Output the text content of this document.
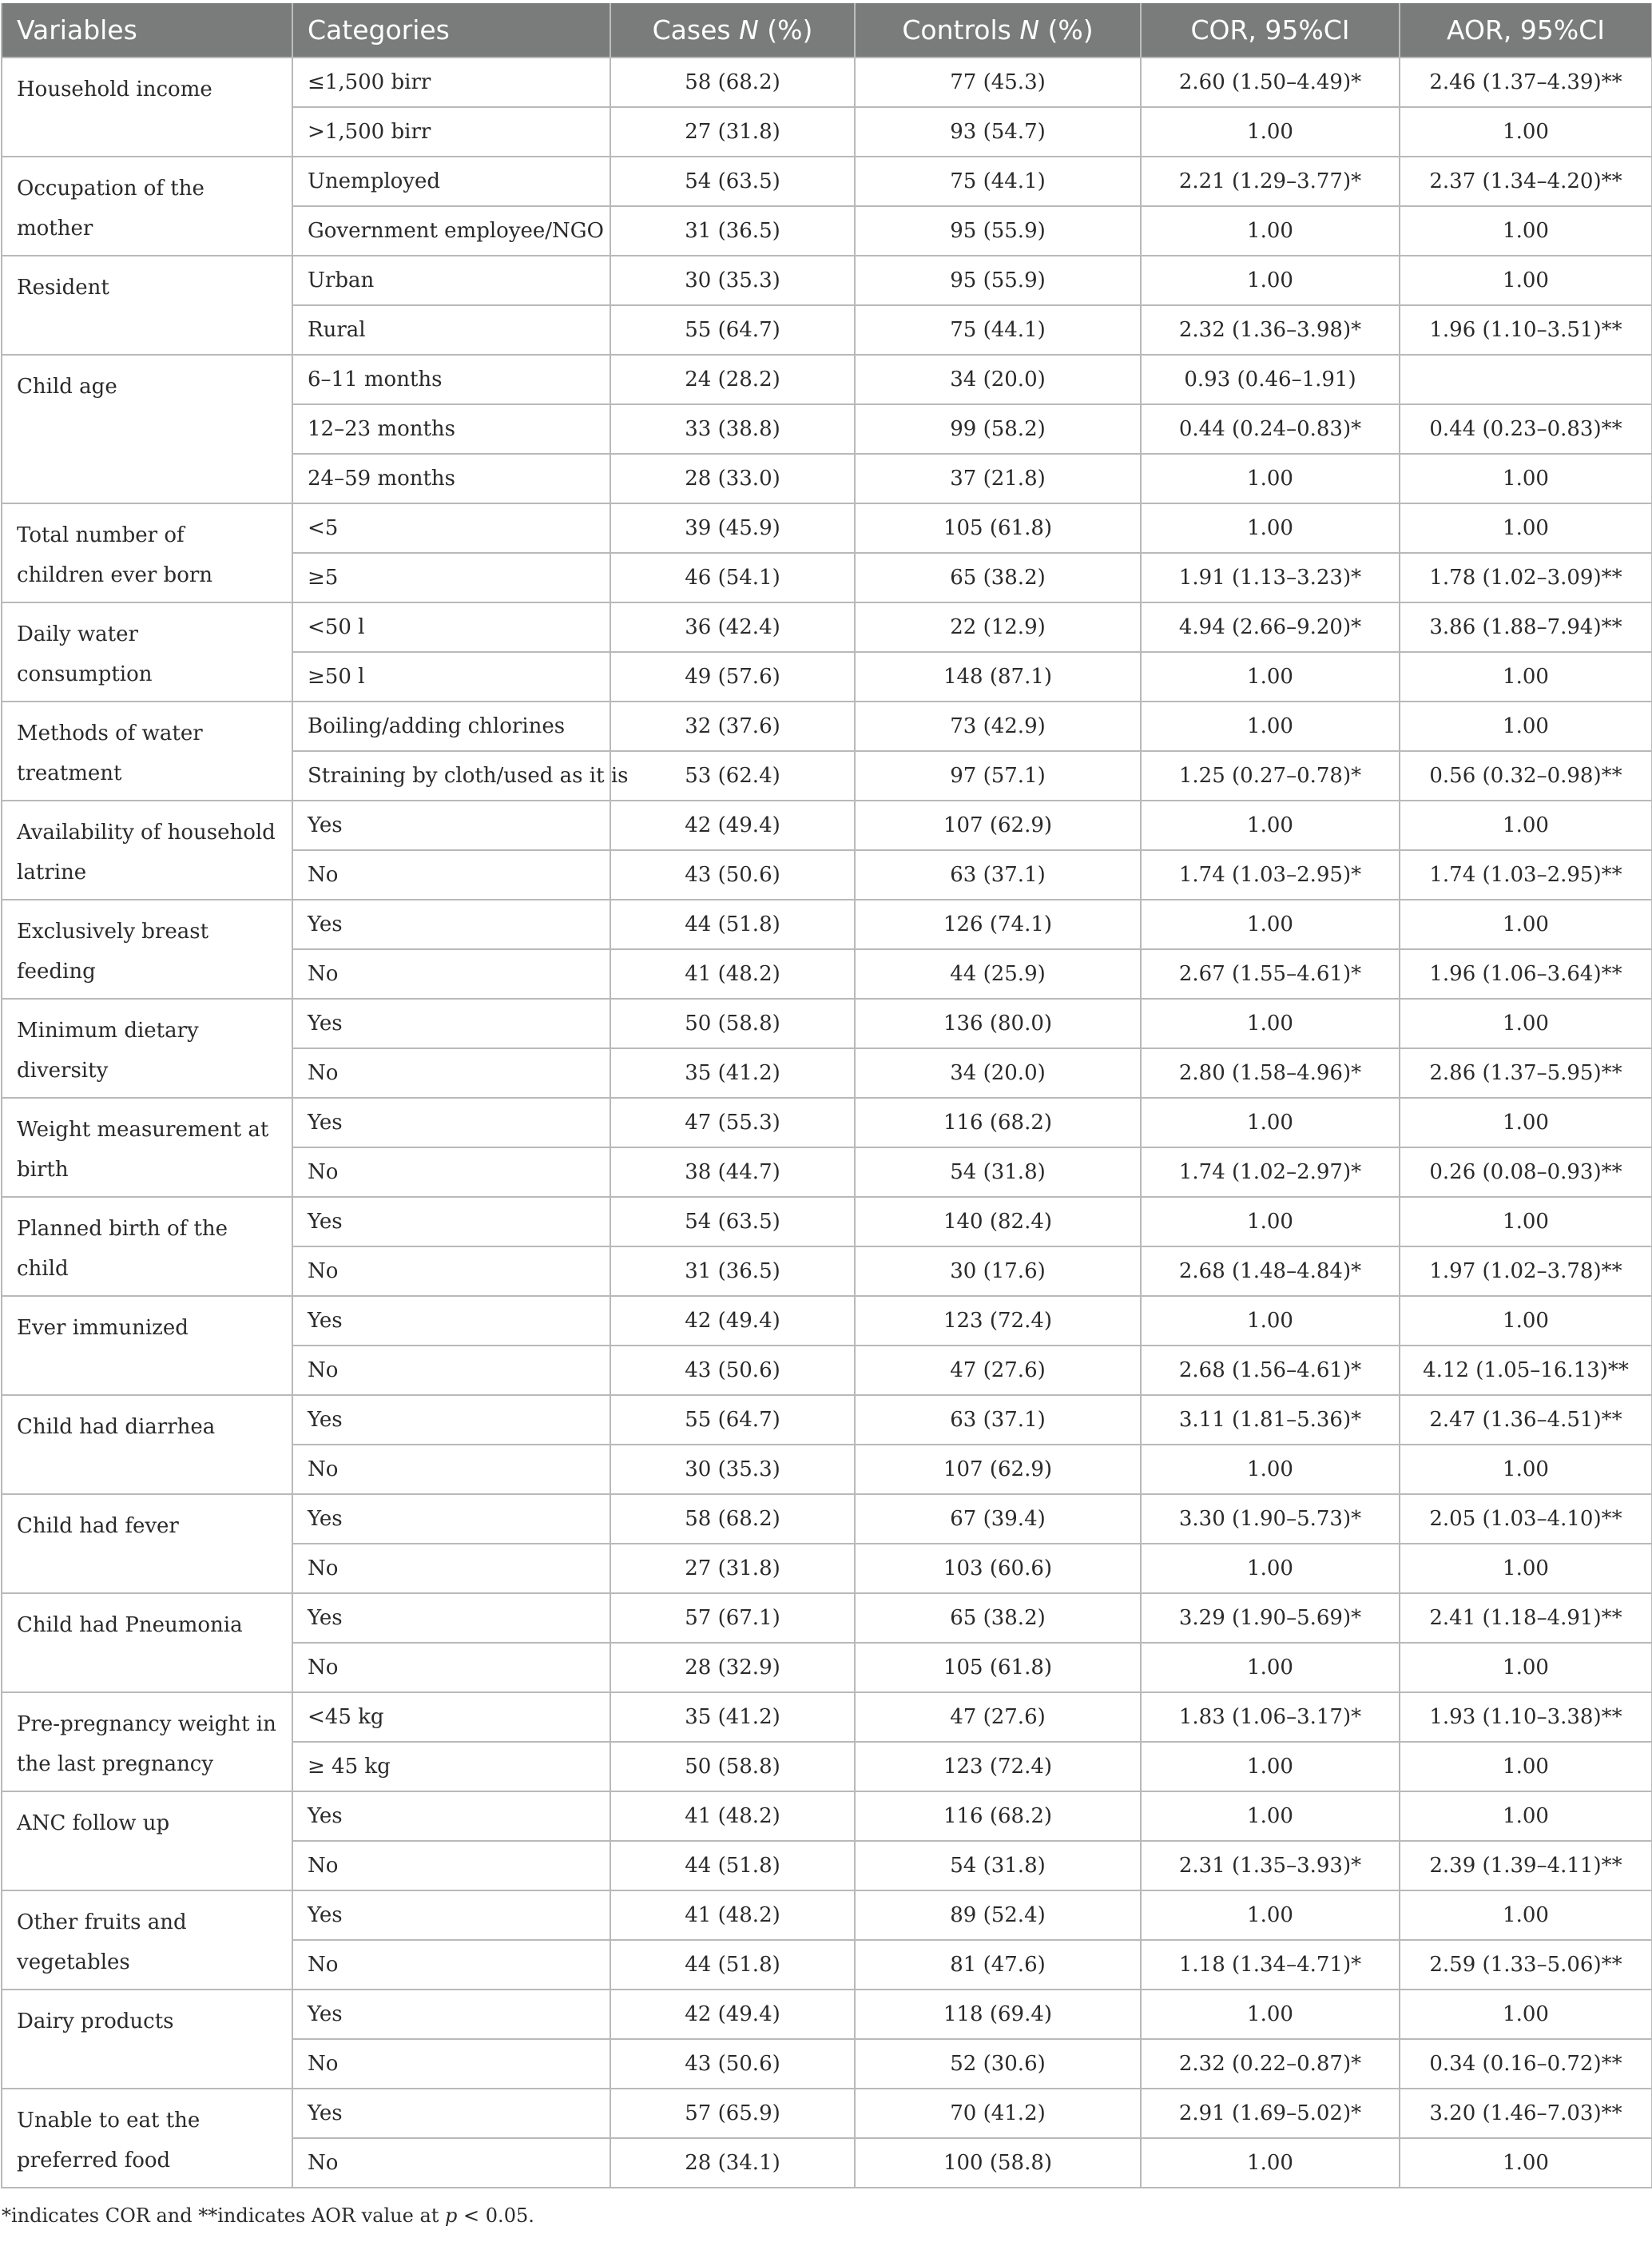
Variables	Categories	Cases N (%)	Controls N (%)	COR, 95%CI	AOR, 95%CI
Household income	≤1,500 birr	58 (68.2)	77 (45.3)	2.60 (1.50–4.49)*	2.46 (1.37–4.39)**
	>1,500 birr	27 (31.8)	93 (54.7)	1.00	1.00
Occupation of the mother	Unemployed	54 (63.5)	75 (44.1)	2.21 (1.29–3.77)*	2.37 (1.34–4.20)**
	Government employee/NGO	31 (36.5)	95 (55.9)	1.00	1.00
Resident	Urban	30 (35.3)	95 (55.9)	1.00	1.00
	Rural	55 (64.7)	75 (44.1)	2.32 (1.36–3.98)*	1.96 (1.10–3.51)**
Child age	6–11 months	24 (28.2)	34 (20.0)	0.93 (0.46–1.91)	
	12–23 months	33 (38.8)	99 (58.2)	0.44 (0.24–0.83)*	0.44 (0.23–0.83)**
	24–59 months	28 (33.0)	37 (21.8)	1.00	1.00
Total number of children ever born	<5	39 (45.9)	105 (61.8)	1.00	1.00
	≥5	46 (54.1)	65 (38.2)	1.91 (1.13–3.23)*	1.78 (1.02–3.09)**
Daily water consumption	<50 l	36 (42.4)	22 (12.9)	4.94 (2.66–9.20)*	3.86 (1.88–7.94)**
	≥50 l	49 (57.6)	148 (87.1)	1.00	1.00
Methods of water treatment	Boiling/adding chlorines	32 (37.6)	73 (42.9)	1.00	1.00
	Straining by cloth/used as it is	53 (62.4)	97 (57.1)	1.25 (0.27–0.78)*	0.56 (0.32–0.98)**
Availability of household latrine	Yes	42 (49.4)	107 (62.9)	1.00	1.00
	No	43 (50.6)	63 (37.1)	1.74 (1.03–2.95)*	1.74 (1.03–2.95)**
Exclusively breast feeding	Yes	44 (51.8)	126 (74.1)	1.00	1.00
	No	41 (48.2)	44 (25.9)	2.67 (1.55–4.61)*	1.96 (1.06–3.64)**
Minimum dietary diversity	Yes	50 (58.8)	136 (80.0)	1.00	1.00
	No	35 (41.2)	34 (20.0)	2.80 (1.58–4.96)*	2.86 (1.37–5.95)**
Weight measurement at birth	Yes	47 (55.3)	116 (68.2)	1.00	1.00
	No	38 (44.7)	54 (31.8)	1.74 (1.02–2.97)*	0.26 (0.08–0.93)**
Planned birth of the child	Yes	54 (63.5)	140 (82.4)	1.00	1.00
	No	31 (36.5)	30 (17.6)	2.68 (1.48–4.84)*	1.97 (1.02–3.78)**
Ever immunized	Yes	42 (49.4)	123 (72.4)	1.00	1.00
	No	43 (50.6)	47 (27.6)	2.68 (1.56–4.61)*	4.12 (1.05–16.13)**
Child had diarrhea	Yes	55 (64.7)	63 (37.1)	3.11 (1.81–5.36)*	2.47 (1.36–4.51)**
	No	30 (35.3)	107 (62.9)	1.00	1.00
Child had fever	Yes	58 (68.2)	67 (39.4)	3.30 (1.90–5.73)*	2.05 (1.03–4.10)**
	No	27 (31.8)	103 (60.6)	1.00	1.00
Child had Pneumonia	Yes	57 (67.1)	65 (38.2)	3.29 (1.90–5.69)*	2.41 (1.18–4.91)**
	No	28 (32.9)	105 (61.8)	1.00	1.00
Pre-pregnancy weight in the last pregnancy	<45 kg	35 (41.2)	47 (27.6)	1.83 (1.06–3.17)*	1.93 (1.10–3.38)**
	≥ 45 kg	50 (58.8)	123 (72.4)	1.00	1.00
ANC follow up	Yes	41 (48.2)	116 (68.2)	1.00	1.00
	No	44 (51.8)	54 (31.8)	2.31 (1.35–3.93)*	2.39 (1.39–4.11)**
Other fruits and vegetables	Yes	41 (48.2)	89 (52.4)	1.00	1.00
	No	44 (51.8)	81 (47.6)	1.18 (1.34–4.71)*	2.59 (1.33–5.06)**
Dairy products	Yes	42 (49.4)	118 (69.4)	1.00	1.00
	No	43 (50.6)	52 (30.6)	2.32 (0.22–0.87)*	0.34 (0.16–0.72)**
Unable to eat the preferred food	Yes	57 (65.9)	70 (41.2)	2.91 (1.69–5.02)*	3.20 (1.46–7.03)**
	No	28 (34.1)	100 (58.8)	1.00	1.00
*indicates COR and **indicates AOR value at p < 0.05.
